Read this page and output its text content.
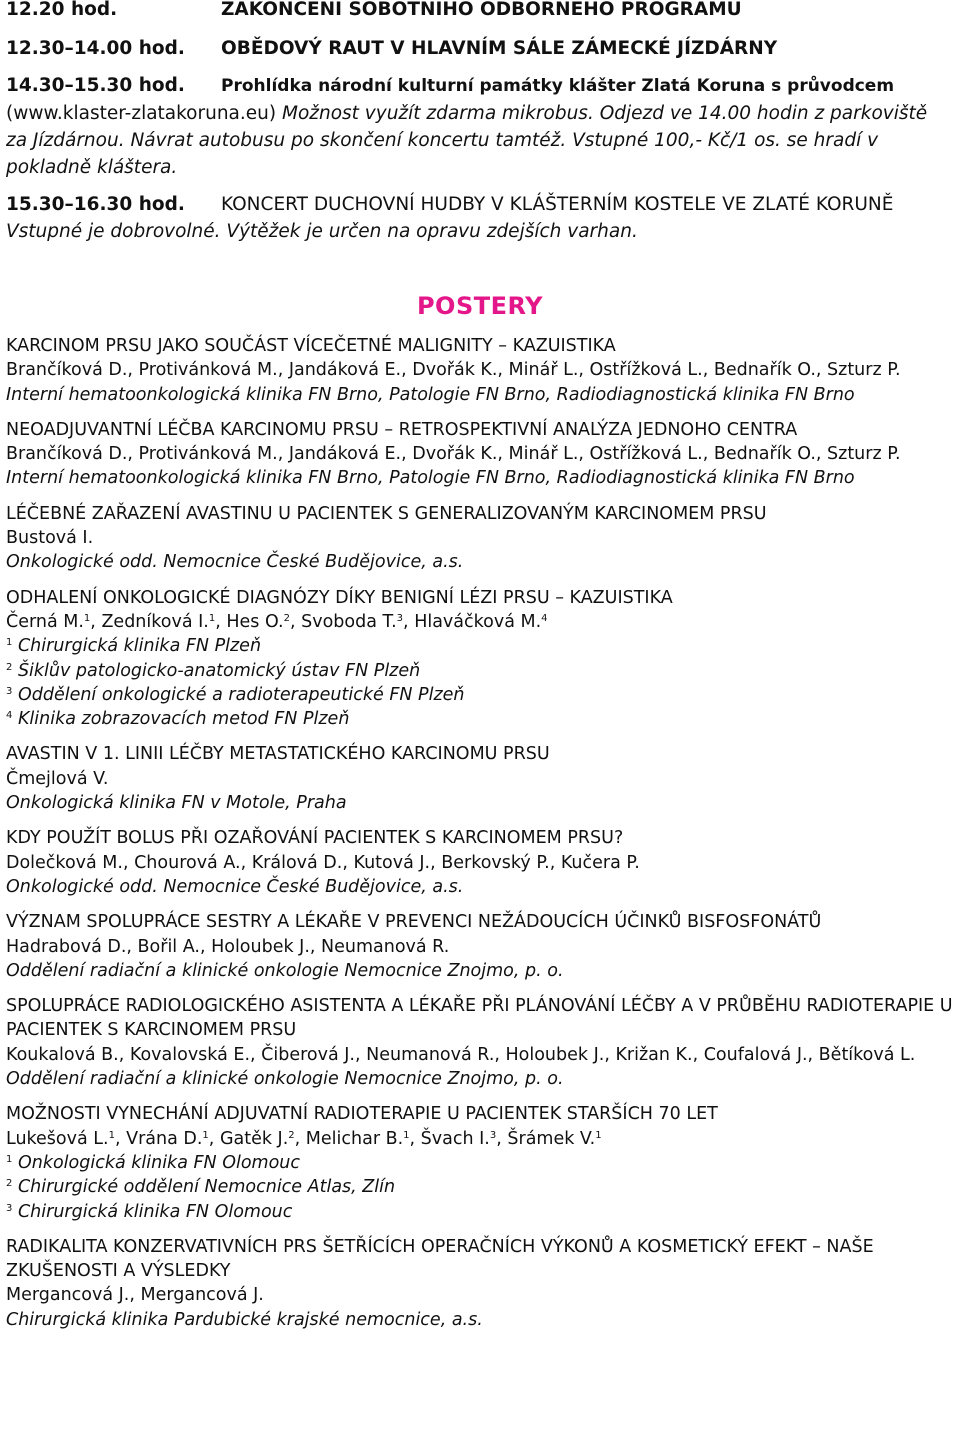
12.20 hod.	ZAKONČENÍ SOBOTNÍHO ODBORNÉHO PROGRAMU
12.30–14.00 hod. OBĚDOVÝ RAUT V HLAVNÍM SÁLE ZÁMECKÉ JÍZDÁRNY
14.30–15.30 hod. Prohlídka národní kulturní památky klášter Zlatá Koruna s průvodcem
(www.klaster-zlatakoruna.eu) Možnost využít zdarma mikrobus. Odjezd ve 14.00 hodin z parkoviště za Jízdárnou. Návrat autobusu po skončení koncertu tamtéž. Vstupné 100,- Kč/1 os. se hradí v pokladně kláštera.
15.30–16.30 hod. KONCERT DUCHOVNÍ HUDBY V KLÁŠTERNÍM KOSTELE VE ZLATÉ KORUNĚ
Vstupné je dobrovolné. Výtěžek je určen na opravu zdejších varhan.
POSTERY
KARCINOM PRSU JAKO SOUČÁST VÍCEČETNÉ MALIGNITY – KAZUISTIKA
Brančíková D., Protivánková M., Jandáková E., Dvořák K., Minář L., Ostřížková L., Bednařík O., Szturz P.
Interní hematoonkologická klinika FN Brno, Patologie FN Brno, Radiodiagnostická klinika FN Brno
NEOADJUVANTNÍ LÉČBA KARCINOMU PRSU – RETROSPEKTIVNÍ ANALÝZA JEDNOHO CENTRA
Brančíková D., Protivánková M., Jandáková E., Dvořák K., Minář L., Ostřížková L., Bednařík O., Szturz P.
Interní hematoonkologická klinika FN Brno, Patologie FN Brno, Radiodiagnostická klinika FN Brno
LÉČEBNÉ ZAŘAZENÍ AVASTINU U PACIENTEK S GENERALIZOVANÝM KARCINOMEM PRSU
Bustová I.
Onkologické odd. Nemocnice České Budějovice, a.s.
ODHALENÍ ONKOLOGICKÉ DIAGNÓZY DÍKY BENIGNÍ LÉZI PRSU – KAZUISTIKA
Černá M.$^1$, Zedníková I.$^1$, Hes O.$^2$, Svoboda T.$^3$, Hlaváčková M.$^4$
$^1$ Chirurgická klinika FN Plzeň
$^2$ Šiklův patologicko-anatomický ústav FN Plzeň
$^3$ Oddělení onkologické a radioterapeutické FN Plzeň
$^4$ Klinika zobrazovacích metod FN Plzeň
AVASTIN V 1. LINII LÉČBY METASTATICKÉHO KARCINOMU PRSU
Čmejlová V.
Onkologická klinika FN v Motole, Praha
KDY POUŽÍT BOLUS PŘI OZAŘOVÁNÍ PACIENTEK S KARCINOMEM PRSU?
Dolečková M., Chourová A., Králová D., Kutová J., Berkovský P., Kučera P.
Onkologické odd. Nemocnice České Budějovice, a.s.
VÝZNAM SPOLUPRÁCE SESTRY A LÉKAŘE V PREVENCI NEŽÁDOUCÍCH ÚČINKŮ BISFOSFONÁTŮ
Hadrabová D., Bořil A., Holoubek J., Neumanová R.
Oddělení radiační a klinické onkologie Nemocnice Znojmo, p. o.
SPOLUPRÁCE RADIOLOGICKÉHO ASISTENTA A LÉKAŘE PŘI PLÁNOVÁNÍ LÉČBY A V PRŮBĚHU RADIOTERAPIE U PACIENTEK S KARCINOMEM PRSU
Koukalová B., Kovalovská E., Čiberová J., Neumanová R., Holoubek J., Križan K., Coufalová J., Bětíková L.
Oddělení radiační a klinické onkologie Nemocnice Znojmo, p. o.
MOŽNOSTI VYNECHÁNÍ ADJUVATNÍ RADIOTERAPIE U PACIENTEK STARŠÍCH 70 LET
Lukešová L.$^1$, Vrána D.$^1$, Gatěk J.$^2$, Melichar B.$^1$, Švach I.$^3$, Šrámek V.$^1$
$^1$ Onkologická klinika FN Olomouc
$^2$ Chirurgické oddělení Nemocnice Atlas, Zlín
$^3$ Chirurgická klinika FN Olomouc
RADIKALITA KONZERVATIVNÍCH PRS ŠETŘÍCÍCH OPERAČNÍCH VÝKONŮ A KOSMETICKÝ EFEKT – NAŠE ZKUŠENOSTI A VÝSLEDKY
Mergancová J., Mergancová J.
Chirurgická klinika Pardubické krajské nemocnice, a.s.
